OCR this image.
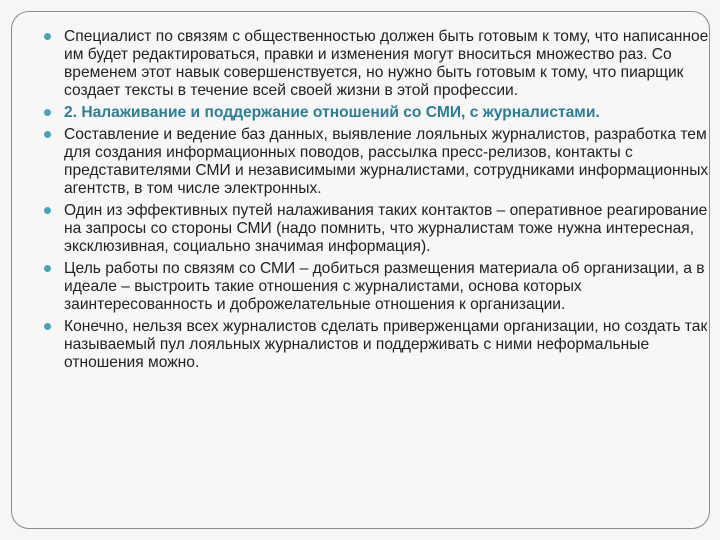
Специалист по связям с общественностью должен быть готовым к тому, что написанное им будет редактироваться, правки и изменения могут вноситься множество раз. Со временем этот навык совершенствуется, но нужно быть готовым к тому, что пиарщик создает тексты в течение всей своей жизни в этой профессии.
2. Налаживание и поддержание отношений со СМИ, с журналистами.
Составление и ведение баз данных, выявление лояльных журналистов, разработка тем для создания информационных поводов, рассылка пресс-релизов, контакты с представителями СМИ и независимыми журналистами, сотрудниками информационных агентств, в том числе электронных.
Один из эффективных путей налаживания таких контактов – оперативное реагирование на запросы со стороны СМИ (надо помнить, что журналистам тоже нужна интересная, эксклюзивная, социально значимая информация).
Цель работы по связям со СМИ – добиться размещения материала об организации, а в идеале – выстроить такие отношения с журналистами, основа которых заинтересованность и доброжелательные отношения к организации.
Конечно, нельзя всех журналистов сделать приверженцами организации, но создать так называемый пул лояльных журналистов и поддерживать с ними неформальные отношения можно.
